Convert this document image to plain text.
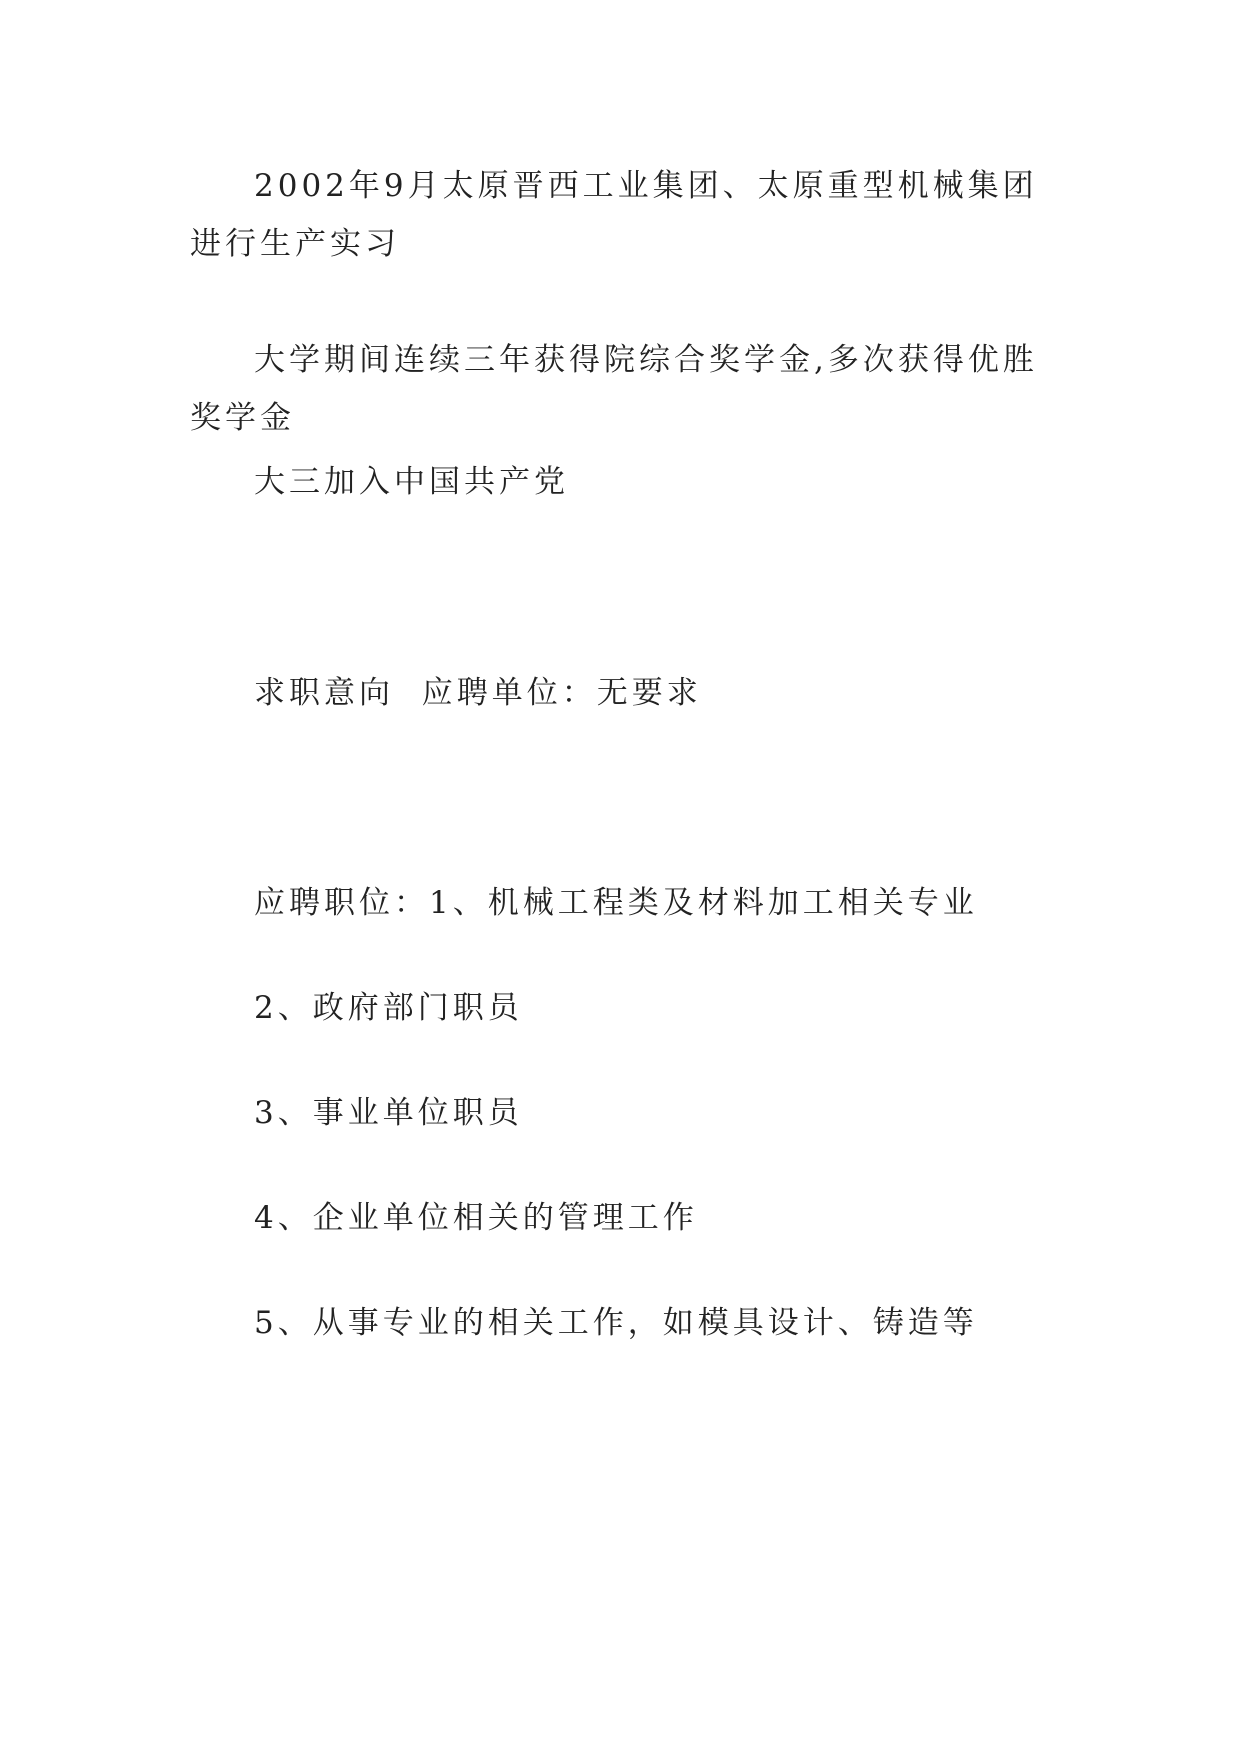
2002年9月太原晋西工业集团、太原重型机械集团进行生产实习

大学期间连续三年获得院综合奖学金,多次获得优胜奖学金

大三加入中国共产党

求职意向  应聘单位：无要求

应聘职位：1、机械工程类及材料加工相关专业

2、政府部门职员

3、事业单位职员

4、企业单位相关的管理工作

5、从事专业的相关工作，如模具设计、铸造等
